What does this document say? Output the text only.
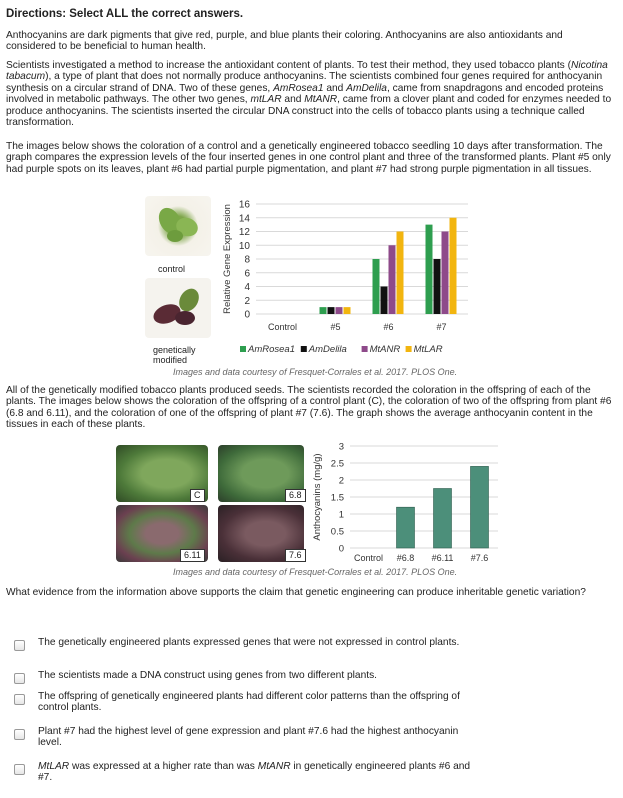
Directions: Select ALL the correct answers.
Anthocyanins are dark pigments that give red, purple, and blue plants their coloring. Anthocyanins are also antioxidants and considered to be beneficial to human health.
Scientists investigated a method to increase the antioxidant content of plants. To test their method, they used tobacco plants (Nicotina tabacum), a type of plant that does not normally produce anthocyanins. The scientists combined four genes required for anthocyanin synthesis on a circular strand of DNA. Two of these genes, AmRosea1 and AmDelila, came from snapdragons and encoded proteins involved in metabolic pathways. The other two genes, mtLAR and MtANR, came from a clover plant and coded for enzymes needed to produce anthocyanins. The scientists inserted the circular DNA construct into the cells of tobacco plants using a technique called transformation.
The images below shows the coloration of a control and a genetically engineered tobacco seedling 10 days after transformation. The graph compares the expression levels of the four inserted genes in one control plant and three of the transformed plants. Plant #5 only had purple spots on its leaves, plant #6 had partial purple pigmentation, and plant #7 had strong purple pigmentation in all tissues.
control
genetically modified
0
2
4
6
8
10
12
14
16
Relative Gene Expression
Control	#5	#6	#7
AmRosea1 AmDelila MtANR MtLAR
Images and data courtesy of Fresquet-Corrales et al. 2017. PLOS One.
All of the genetically modified tobacco plants produced seeds. The scientists recorded the coloration in the offspring of each of the plants. The images below shows the coloration of the offspring of a control plant (C), the coloration of two of the offspring from plant #6 (6.8 and 6.11), and the coloration of one of the offspring of plant #7 (7.6). The graph shows the average anthocyanin content in the tissues in each of these plants.
C	6.8
6.11	7.6
0
0.5
1
1.5
2
2.5
3
Anthocyanins (mg/g)
Control #6.8 #6.11 #7.6
Images and data courtesy of Fresquet-Corrales et al. 2017. PLOS One.
What evidence from the information above supports the claim that genetic engineering can produce inheritable genetic variation?
The genetically engineered plants expressed genes that were not expressed in control plants.
The scientists made a DNA construct using genes from two different plants.
The offspring of genetically engineered plants had different color patterns than the offspring of control plants.
Plant #7 had the highest level of gene expression and plant #7.6 had the highest anthocyanin level.
MtLAR was expressed at a higher rate than was MtANR in genetically engineered plants #6 and #7.
